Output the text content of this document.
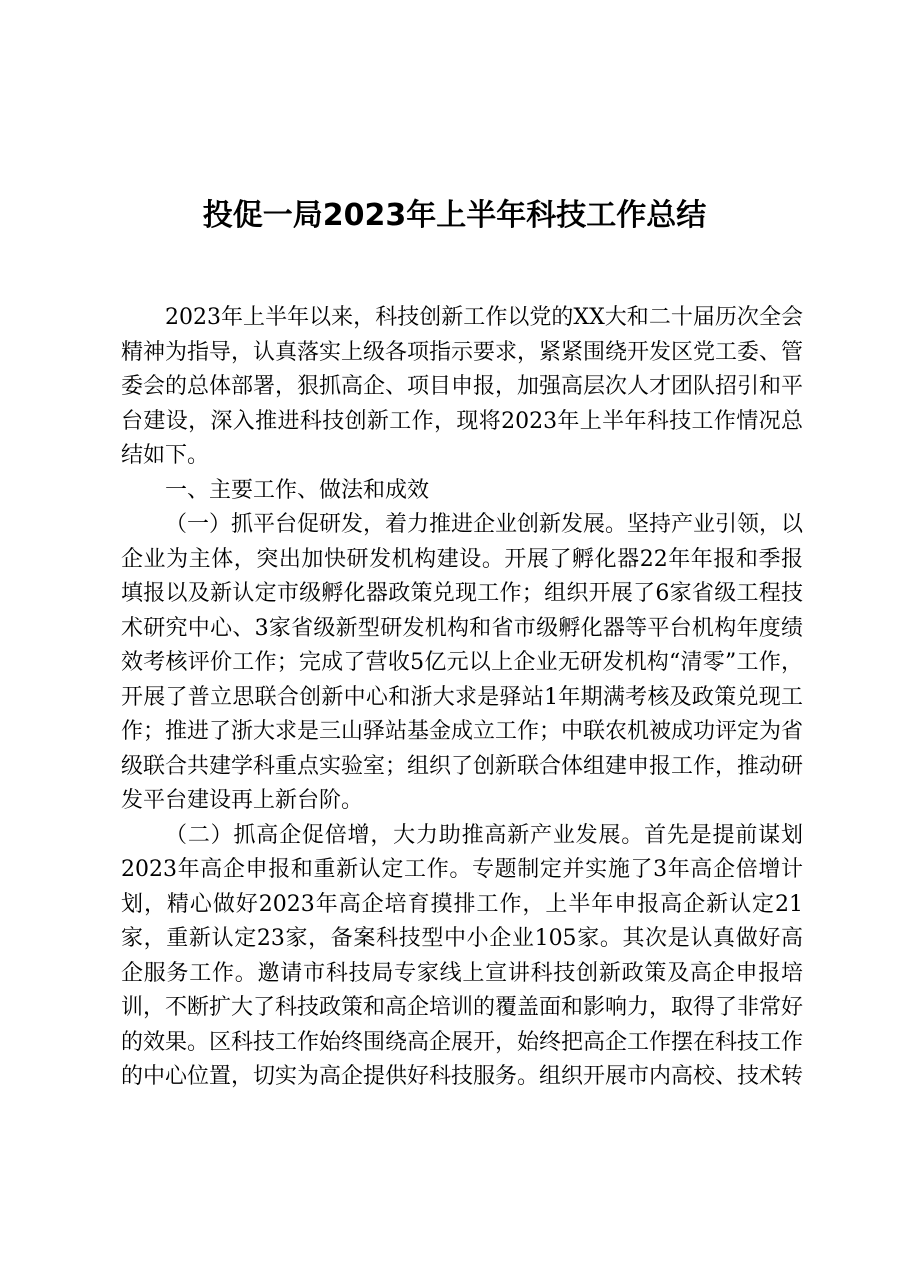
投促一局2023年上半年科技工作总结

2023年上半年以来，科技创新工作以党的XX大和二十届历次全会精神为指导，认真落实上级各项指示要求，紧紧围绕开发区党工委、管委会的总体部署，狠抓高企、项目申报，加强高层次人才团队招引和平台建设，深入推进科技创新工作，现将2023年上半年科技工作情况总结如下。

一、主要工作、做法和成效

（一）抓平台促研发，着力推进企业创新发展。坚持产业引领，以企业为主体，突出加快研发机构建设。开展了孵化器22年年报和季报填报以及新认定市级孵化器政策兑现工作；组织开展了6家省级工程技术研究中心、3家省级新型研发机构和省市级孵化器等平台机构年度绩效考核评价工作；完成了营收5亿元以上企业无研发机构“清零”工作，开展了普立思联合创新中心和浙大求是驿站1年期满考核及政策兑现工作；推进了浙大求是三山驿站基金成立工作；中联农机被成功评定为省级联合共建学科重点实验室；组织了创新联合体组建申报工作，推动研发平台建设再上新台阶。

（二）抓高企促倍增，大力助推高新产业发展。首先是提前谋划2023年高企申报和重新认定工作。专题制定并实施了3年高企倍增计划，精心做好2023年高企培育摸排工作，上半年申报高企新认定21家，重新认定23家，备案科技型中小企业105家。其次是认真做好高企服务工作。邀请市科技局专家线上宣讲科技创新政策及高企申报培训，不断扩大了科技政策和高企培训的覆盖面和影响力，取得了非常好的效果。区科技工作始终围绕高企展开，始终把高企工作摆在科技工作的中心位置，切实为高企提供好科技服务。组织开展市内高校、技术转
